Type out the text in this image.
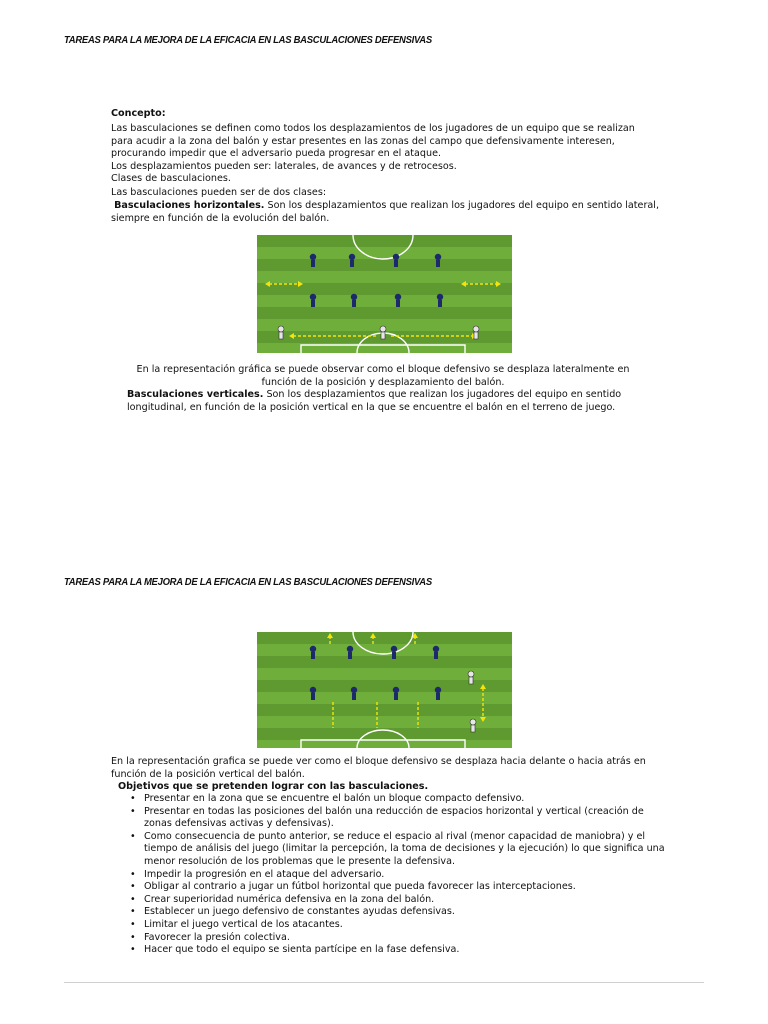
TAREAS PARA LA MEJORA DE LA EFICACIA EN LAS BASCULACIONES DEFENSIVAS

Concepto:

Las basculaciones se definen como todos los desplazamientos de los jugadores de un equipo que se realizan para acudir a la zona del balón y estar presentes en las zonas del campo que defensivamente interesen, procurando impedir que el adversario pueda progresar en el ataque.

Los desplazamientos pueden ser: laterales, de avances y de retrocesos.

Clases de basculaciones.

Las basculaciones pueden ser de dos clases:

Basculaciones horizontales. Son los desplazamientos que realizan los jugadores del equipo en sentido lateral, siempre en función de la evolución del balón.

En la representación gráfica se puede observar como el bloque defensivo se desplaza lateralmente en función de la posición y desplazamiento del balón.

Basculaciones verticales. Son los desplazamientos que realizan los jugadores del equipo en sentido longitudinal, en función de la posición vertical en la que se encuentre el balón en el terreno de juego.

TAREAS PARA LA MEJORA DE LA EFICACIA EN LAS BASCULACIONES DEFENSIVAS

En la representación grafica se puede ver como el bloque defensivo se desplaza hacia delante o hacia atrás en función de la posición vertical del balón.

Objetivos que se pretenden lograr con las basculaciones.

• Presentar en la zona que se encuentre el balón un bloque compacto defensivo.
• Presentar en todas las posiciones del balón una reducción de espacios horizontal y vertical (creación de zonas defensivas activas y defensivas).
• Como consecuencia de punto anterior, se reduce el espacio al rival (menor capacidad de maniobra) y el tiempo de análisis del juego (limitar la percepción, la toma de decisiones y la ejecución) lo que significa una menor resolución de los problemas que le presente la defensiva.
• Impedir la progresión en el ataque del adversario.
• Obligar al contrario a jugar un fútbol horizontal que pueda favorecer las interceptaciones.
• Crear superioridad numérica defensiva en la zona del balón.
• Establecer un juego defensivo de constantes ayudas defensivas.
• Limitar el juego vertical de los atacantes.
• Favorecer la presión colectiva.
• Hacer que todo el equipo se sienta partícipe en la fase defensiva.
